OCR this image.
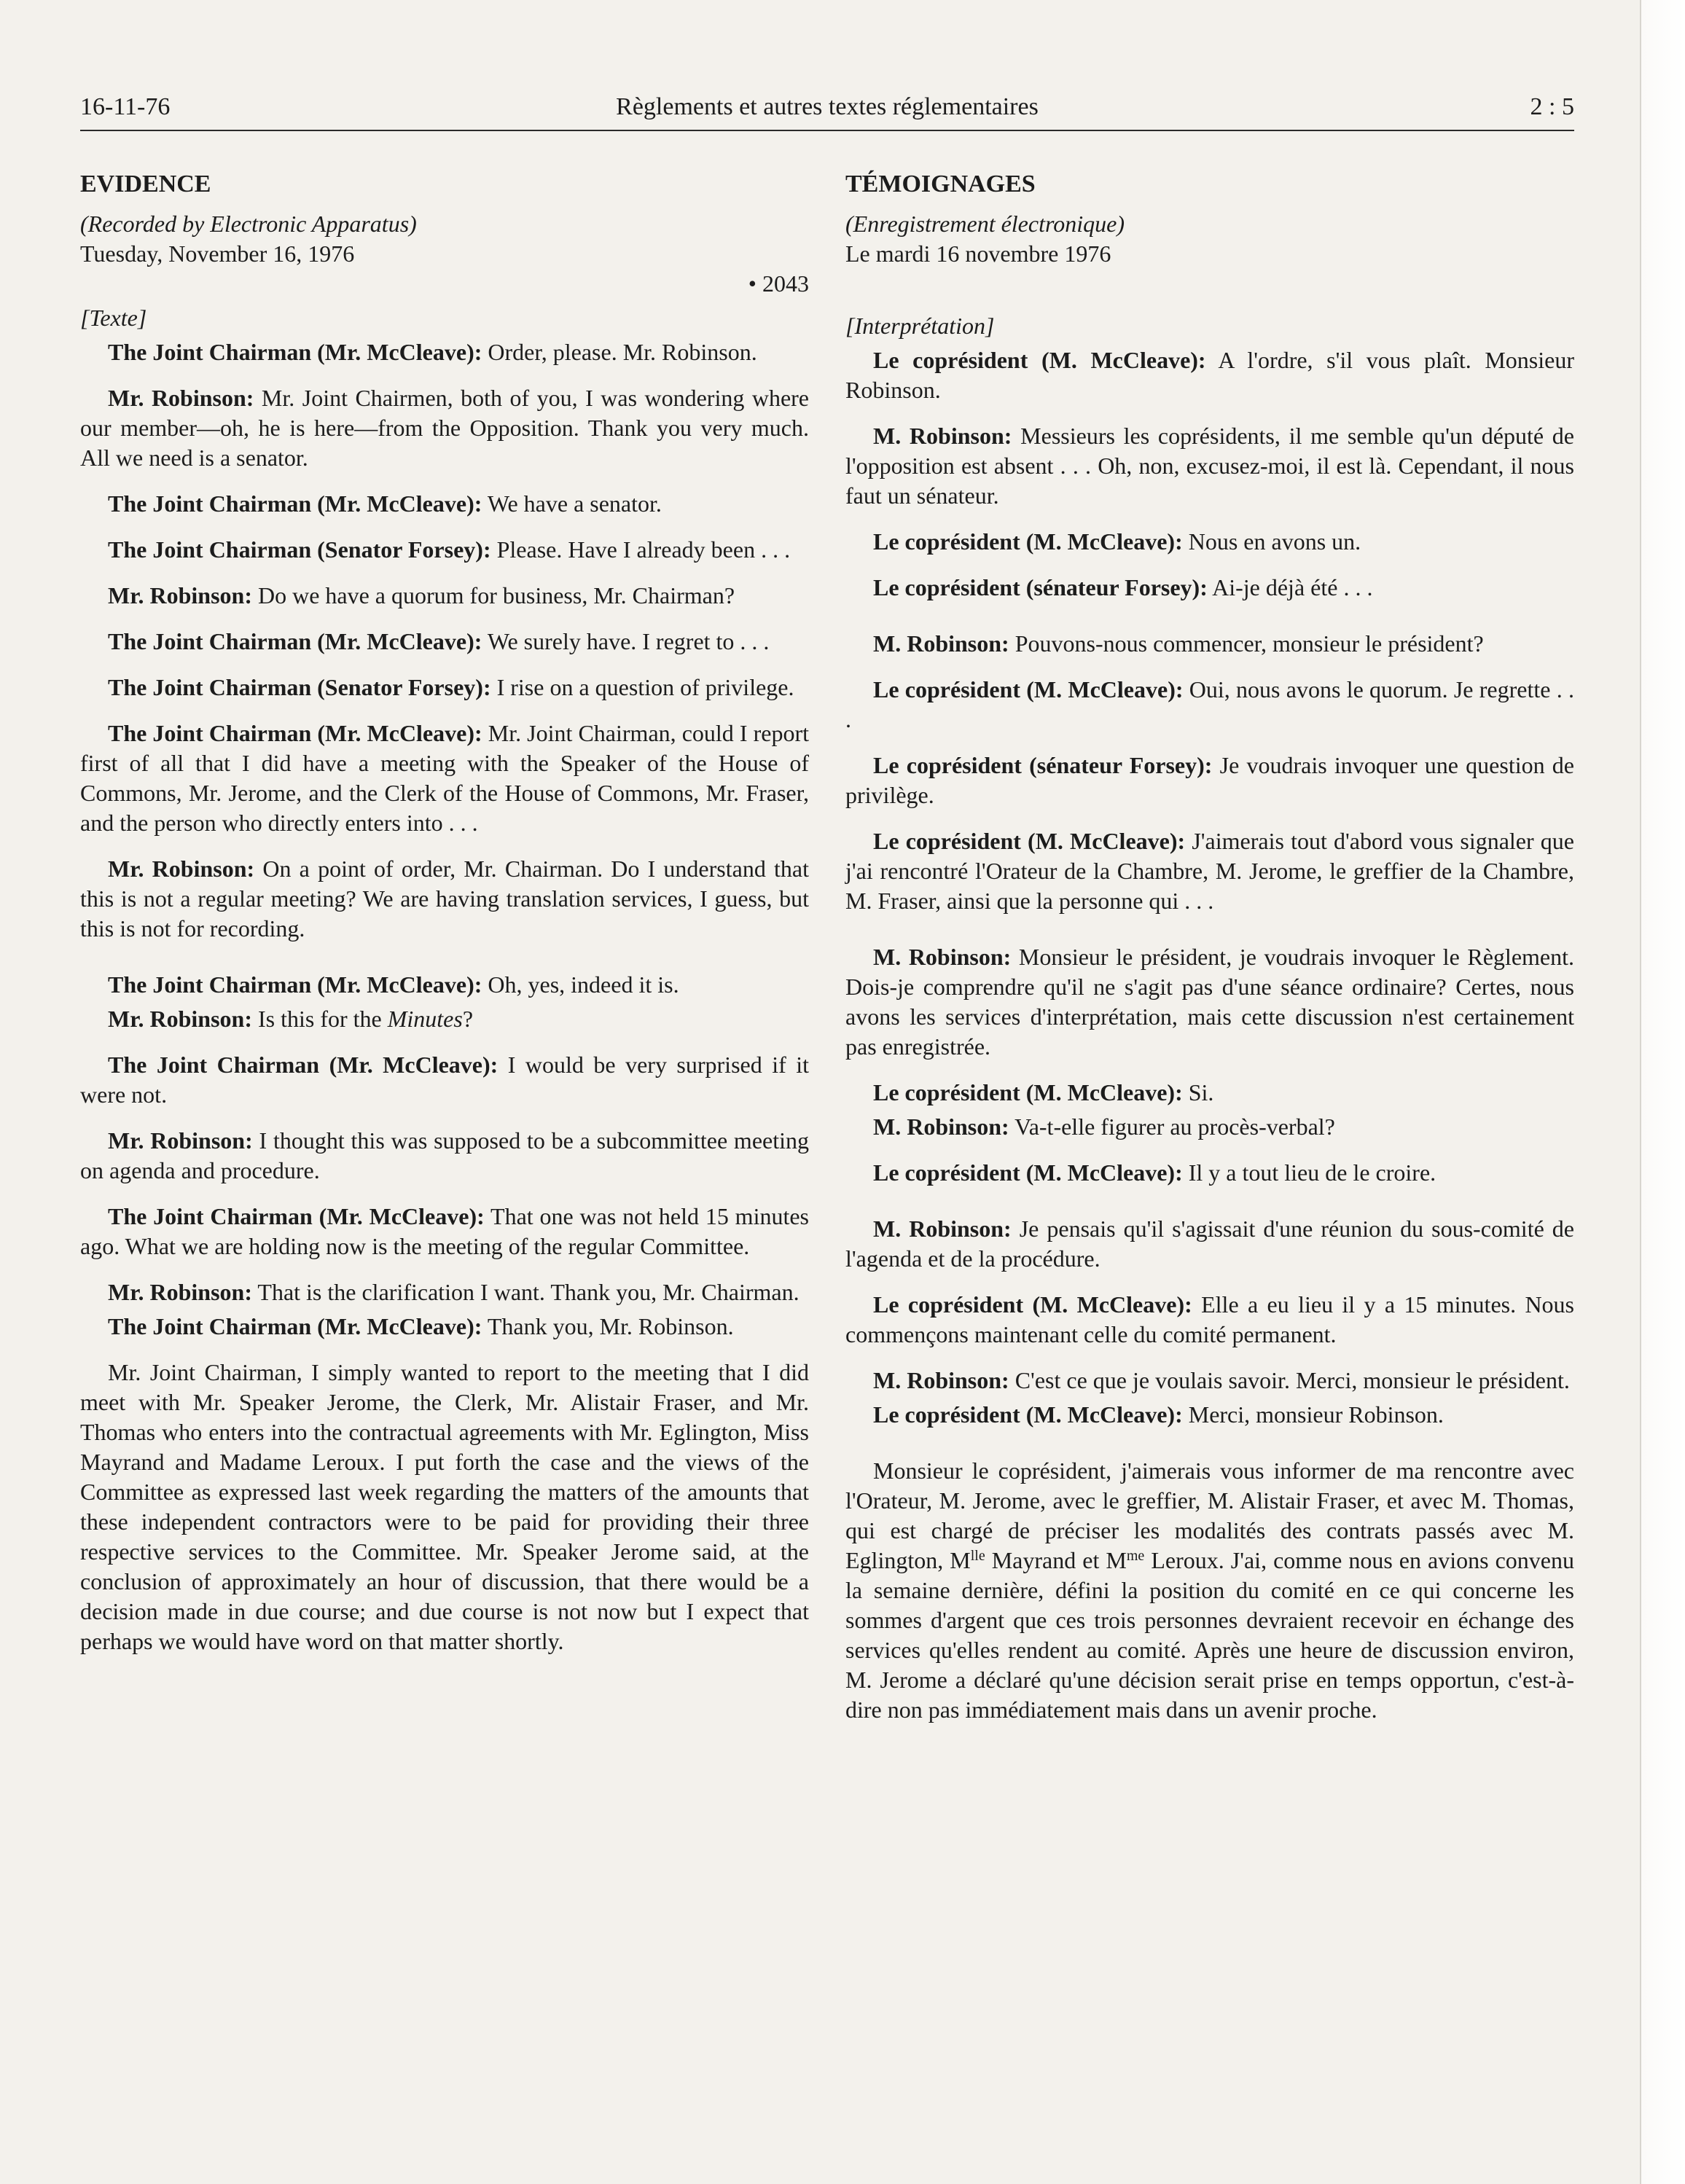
16-11-76	Règlements et autres textes réglementaires	2 : 5

EVIDENCE

(Recorded by Electronic Apparatus)

Tuesday, November 16, 1976

• 2043

[Texte]

The Joint Chairman (Mr. McCleave): Order, please. Mr. Robinson.

Mr. Robinson: Mr. Joint Chairmen, both of you, I was wondering where our member—oh, he is here—from the Opposition. Thank you very much. All we need is a senator.

The Joint Chairman (Mr. McCleave): We have a senator.

The Joint Chairman (Senator Forsey): Please. Have I already been . . .

Mr. Robinson: Do we have a quorum for business, Mr. Chairman?

The Joint Chairman (Mr. McCleave): We surely have. I regret to . . .

The Joint Chairman (Senator Forsey): I rise on a question of privilege.

The Joint Chairman (Mr. McCleave): Mr. Joint Chairman, could I report first of all that I did have a meeting with the Speaker of the House of Commons, Mr. Jerome, and the Clerk of the House of Commons, Mr. Fraser, and the person who directly enters into . . .

Mr. Robinson: On a point of order, Mr. Chairman. Do I understand that this is not a regular meeting? We are having translation services, I guess, but this is not for recording.

The Joint Chairman (Mr. McCleave): Oh, yes, indeed it is.

Mr. Robinson: Is this for the Minutes?

The Joint Chairman (Mr. McCleave): I would be very surprised if it were not.

Mr. Robinson: I thought this was supposed to be a subcommittee meeting on agenda and procedure.

The Joint Chairman (Mr. McCleave): That one was not held 15 minutes ago. What we are holding now is the meeting of the regular Committee.

Mr. Robinson: That is the clarification I want. Thank you, Mr. Chairman.

The Joint Chairman (Mr. McCleave): Thank you, Mr. Robinson.

Mr. Joint Chairman, I simply wanted to report to the meeting that I did meet with Mr. Speaker Jerome, the Clerk, Mr. Alistair Fraser, and Mr. Thomas who enters into the contractual agreements with Mr. Eglington, Miss Mayrand and Madame Leroux. I put forth the case and the views of the Committee as expressed last week regarding the matters of the amounts that these independent contractors were to be paid for providing their three respective services to the Committee. Mr. Speaker Jerome said, at the conclusion of approximately an hour of discussion, that there would be a decision made in due course; and due course is not now but I expect that perhaps we would have word on that matter shortly.

TÉMOIGNAGES

(Enregistrement électronique)

Le mardi 16 novembre 1976

[Interprétation]

Le coprésident (M. McCleave): A l'ordre, s'il vous plaît. Monsieur Robinson.

M. Robinson: Messieurs les coprésidents, il me semble qu'un député de l'opposition est absent . . . Oh, non, excusez-moi, il est là. Cependant, il nous faut un sénateur.

Le coprésident (M. McCleave): Nous en avons un.

Le coprésident (sénateur Forsey): Ai-je déjà été . . .

M. Robinson: Pouvons-nous commencer, monsieur le président?

Le coprésident (M. McCleave): Oui, nous avons le quorum. Je regrette . . .

Le coprésident (sénateur Forsey): Je voudrais invoquer une question de privilège.

Le coprésident (M. McCleave): J'aimerais tout d'abord vous signaler que j'ai rencontré l'Orateur de la Chambre, M. Jerome, le greffier de la Chambre, M. Fraser, ainsi que la personne qui . . .

M. Robinson: Monsieur le président, je voudrais invoquer le Règlement. Dois-je comprendre qu'il ne s'agit pas d'une séance ordinaire? Certes, nous avons les services d'interprétation, mais cette discussion n'est certainement pas enregistrée.

Le coprésident (M. McCleave): Si.

M. Robinson: Va-t-elle figurer au procès-verbal?

Le coprésident (M. McCleave): Il y a tout lieu de le croire.

M. Robinson: Je pensais qu'il s'agissait d'une réunion du sous-comité de l'agenda et de la procédure.

Le coprésident (M. McCleave): Elle a eu lieu il y a 15 minutes. Nous commençons maintenant celle du comité permanent.

M. Robinson: C'est ce que je voulais savoir. Merci, monsieur le président.

Le coprésident (M. McCleave): Merci, monsieur Robinson.

Monsieur le coprésident, j'aimerais vous informer de ma rencontre avec l'Orateur, M. Jerome, avec le greffier, M. Alistair Fraser, et avec M. Thomas, qui est chargé de préciser les modalités des contrats passés avec M. Eglington, $M^{lle}$ Mayrand et $M^{me}$ Leroux. J'ai, comme nous en avions convenu la semaine dernière, défini la position du comité en ce qui concerne les sommes d'argent que ces trois personnes devraient recevoir en échange des services qu'elles rendent au comité. Après une heure de discussion environ, M. Jerome a déclaré qu'une décision serait prise en temps opportun, c'est-à-dire non pas immédiatement mais dans un avenir proche.
